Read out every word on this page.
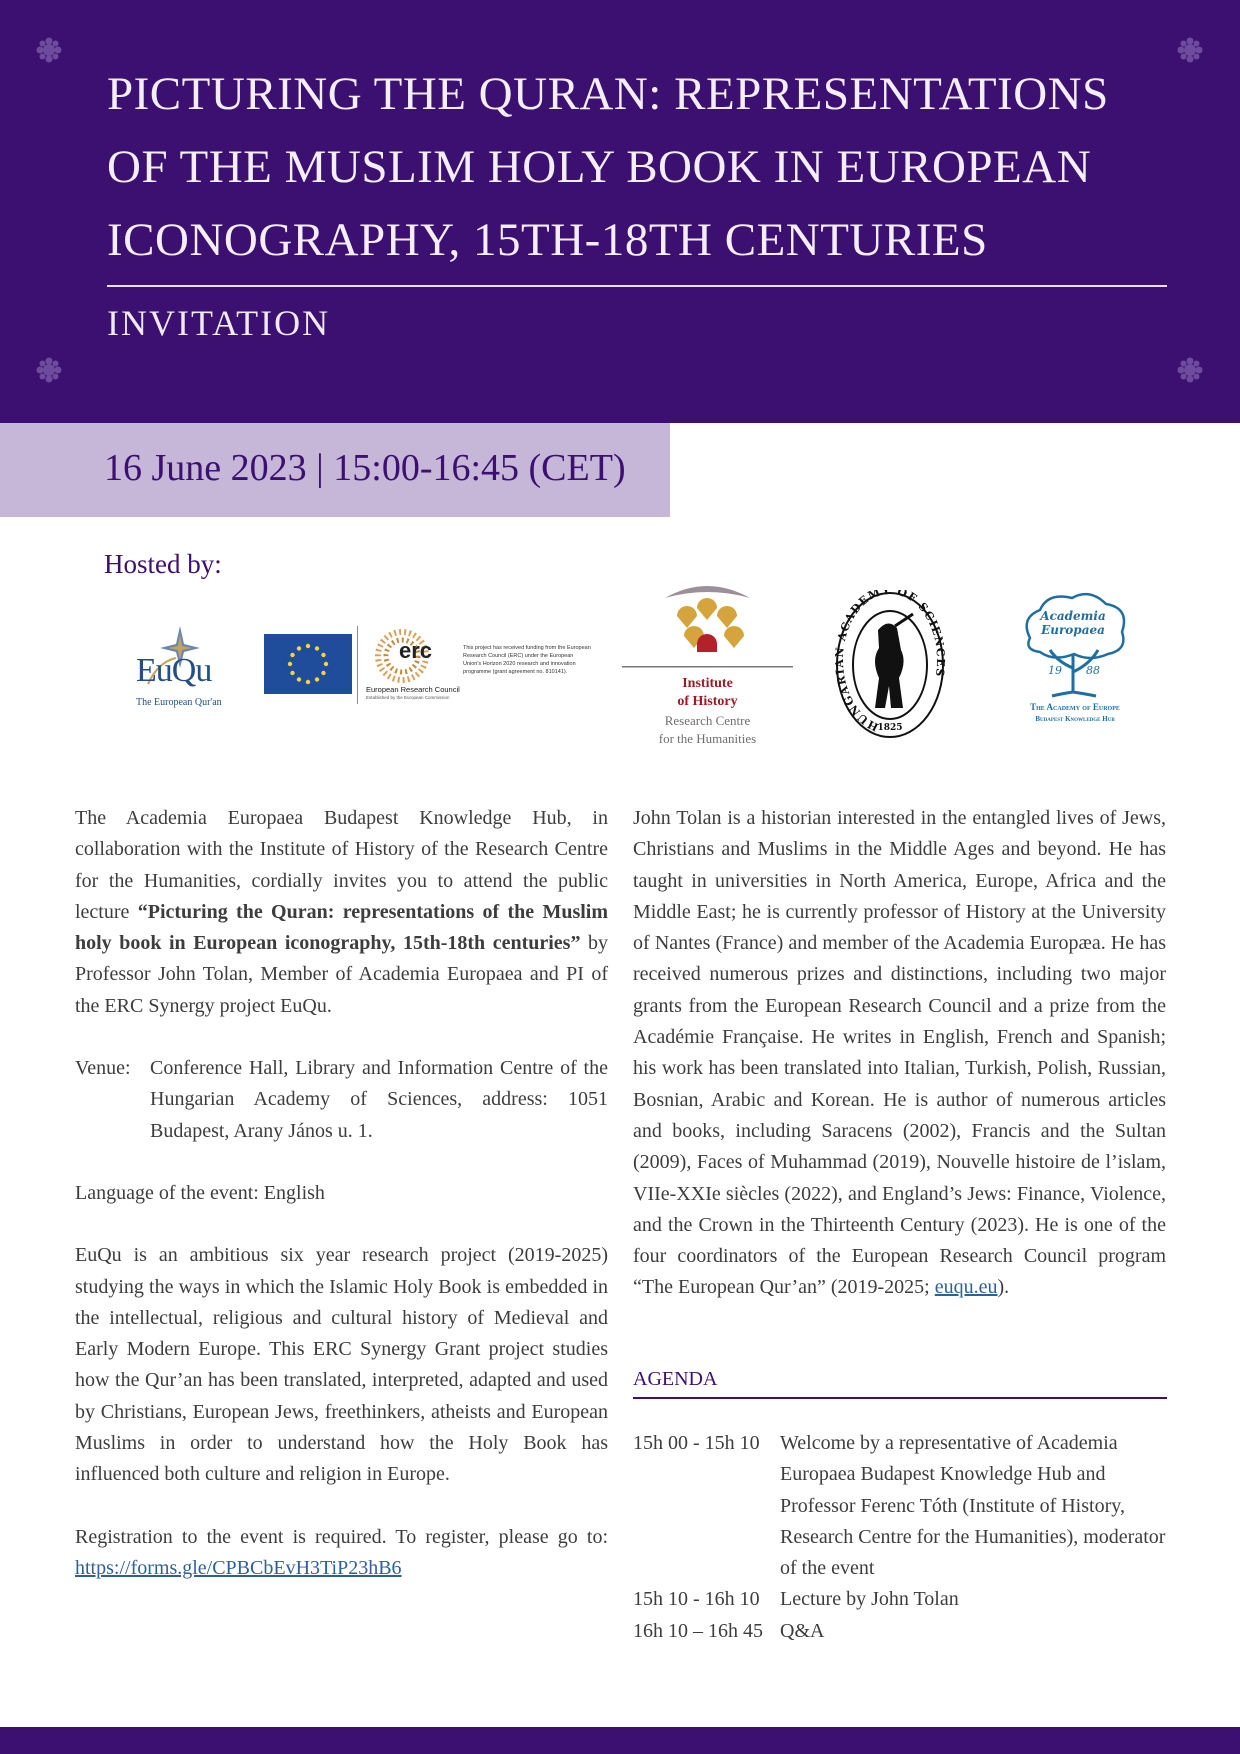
PICTURING THE QURAN: REPRESENTATIONS OF THE MUSLIM HOLY BOOK IN EUROPEAN ICONOGRAPHY, 15TH-18TH CENTURIES
INVITATION
16 June 2023 | 15:00-16:45 (CET)
Hosted by:
EuQu
The European Qur'an
erc
European Research Council
Established by the European Commission
This project has received funding from the European Research Council (ERC) under the European Union's Horizon 2020 research and innovation programme (grant agreement no. 810141).
Institute
of History
Research Centre
for the Humanities
HUNGARIAN ACADEMY OF SCIENCES
1825
Academia
Europaea
19 88
The Academy of Europe
Budapest Knowledge Hub

The Academia Europaea Budapest Knowledge Hub, in collaboration with the Institute of History of the Research Centre for the Humanities, cordially invites you to attend the public lecture “Picturing the Quran: representations of the Muslim holy book in European iconography, 15th-18th centuries” by Professor John Tolan, Member of Academia Europaea and PI of the ERC Synergy project EuQu.

Venue: Conference Hall, Library and Information Centre of the Hungarian Academy of Sciences, address: 1051 Budapest, Arany János u. 1.

Language of the event: English

EuQu is an ambitious six year research project (2019-2025) studying the ways in which the Islamic Holy Book is embedded in the intellectual, religious and cultural history of Medieval and Early Modern Europe. This ERC Synergy Grant project studies how the Qur’an has been translated, interpreted, adapted and used by Christians, European Jews, freethinkers, atheists and European Muslims in order to understand how the Holy Book has influenced both culture and religion in Europe.

Registration to the event is required. To register, please go to: https://forms.gle/CPBCbEvH3TiP23hB6

John Tolan is a historian interested in the entangled lives of Jews, Christians and Muslims in the Middle Ages and beyond. He has taught in universities in North America, Europe, Africa and the Middle East; he is currently professor of History at the University of Nantes (France) and member of the Academia Europæa. He has received numerous prizes and distinctions, including two major grants from the European Research Council and a prize from the Académie Française. He writes in English, French and Spanish; his work has been translated into Italian, Turkish, Polish, Russian, Bosnian, Arabic and Korean. He is author of numerous articles and books, including Saracens (2002), Francis and the Sultan (2009), Faces of Muhammad (2019), Nouvelle histoire de l’islam, VIIe-XXIe siècles (2022), and England’s Jews: Finance, Violence, and the Crown in the Thirteenth Century (2023). He is one of the four coordinators of the European Research Council program “The European Qur’an” (2019-2025; euqu.eu).

AGENDA
15h 00 - 15h 10	Welcome by a representative of Academia Europaea Budapest Knowledge Hub and Professor Ferenc Tóth (Institute of History, Research Centre for the Humanities), moderator of the event
15h 10 - 16h 10	Lecture by John Tolan
16h 10 – 16h 45 Q&A
